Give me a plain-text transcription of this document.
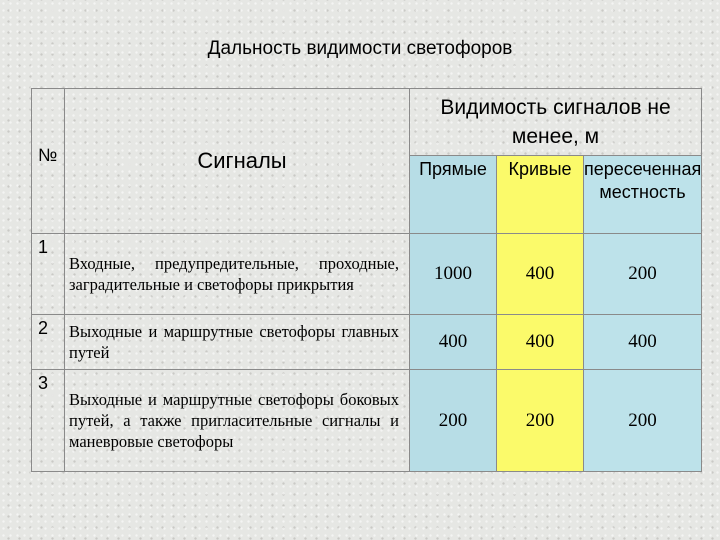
Дальность видимости светофоров
№	Сигналы	Видимость сигналов не менее, м		
		Прямые	Кривые	пересеченная местность
1	Входные, предупредительные, проходные, заградительные и светофоры прикрытия	1000	400	200
2	Выходные и маршрутные светофоры главных путей	400	400	400
3	Выходные и маршрутные светофоры боковых путей, а также пригласительные сигналы и маневровые светофоры	200	200	200
